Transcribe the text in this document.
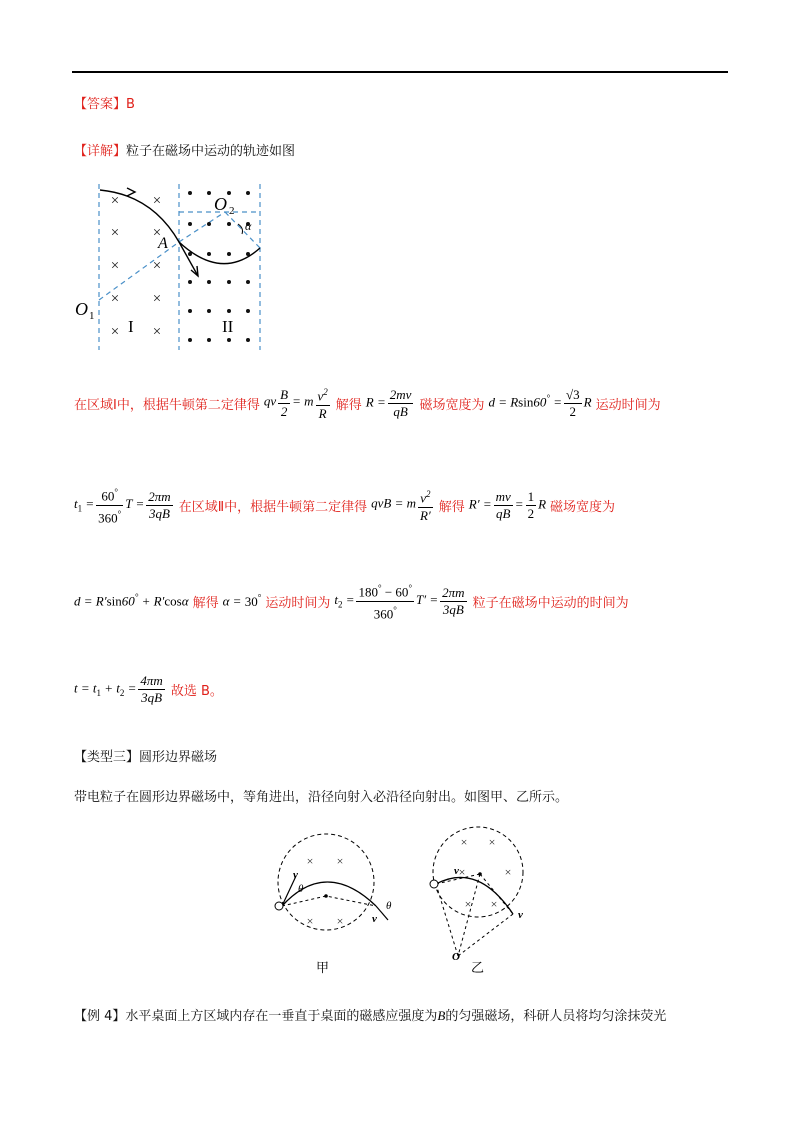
【答案】B
【详解】粒子在磁场中运动的轨迹如图
× ×
× ×
× ×
× ×
× ×
O 2
α
A
O 1
I	II
在区域Ⅰ中，根据牛顿第二定律得 qv $\frac{B}{2} = m \frac{v^2}{R}$ 解得 $R = \frac{2mv}{qB}$ 磁场宽度为 $d = Rsin60^\circ = \frac{√3}{2}$ R 运动时间为
$t_1 = \frac{60^\circ}{360^\circ}$ $T = \frac{2\pi m}{3qB}$ 在区域Ⅱ中，根据牛顿第二定律得 qvB = m $\frac{v^2}{R'}$ 解得 $R' = \frac{mv}{qB} = \frac{1}{2}$ R 磁场宽度为
d = R′sin60° + R′cosα 解得 α = 30° 运动时间为 $t_2 = \frac{180^\circ - 60^\circ}{360^\circ} T' = \frac{2\pi m}{3qB}$ 粒子在磁场中运动的时间为
$t = t_1 + t_2 = \frac{4\pi m}{3qB}$ 故选 B。
【类型三】圆形边界磁场
带电粒子在圆形边界磁场中，等角进出，沿径向射入必沿径向射出。如图甲、乙所示。
× ×
× ×
v
θ
v
θ
甲
× ×
×	×
× ×
v
v
O
乙
【例 4】水平桌面上方区域内存在一垂直于桌面的磁感应强度为B的匀强磁场，科研人员将均匀涂抹荧光
